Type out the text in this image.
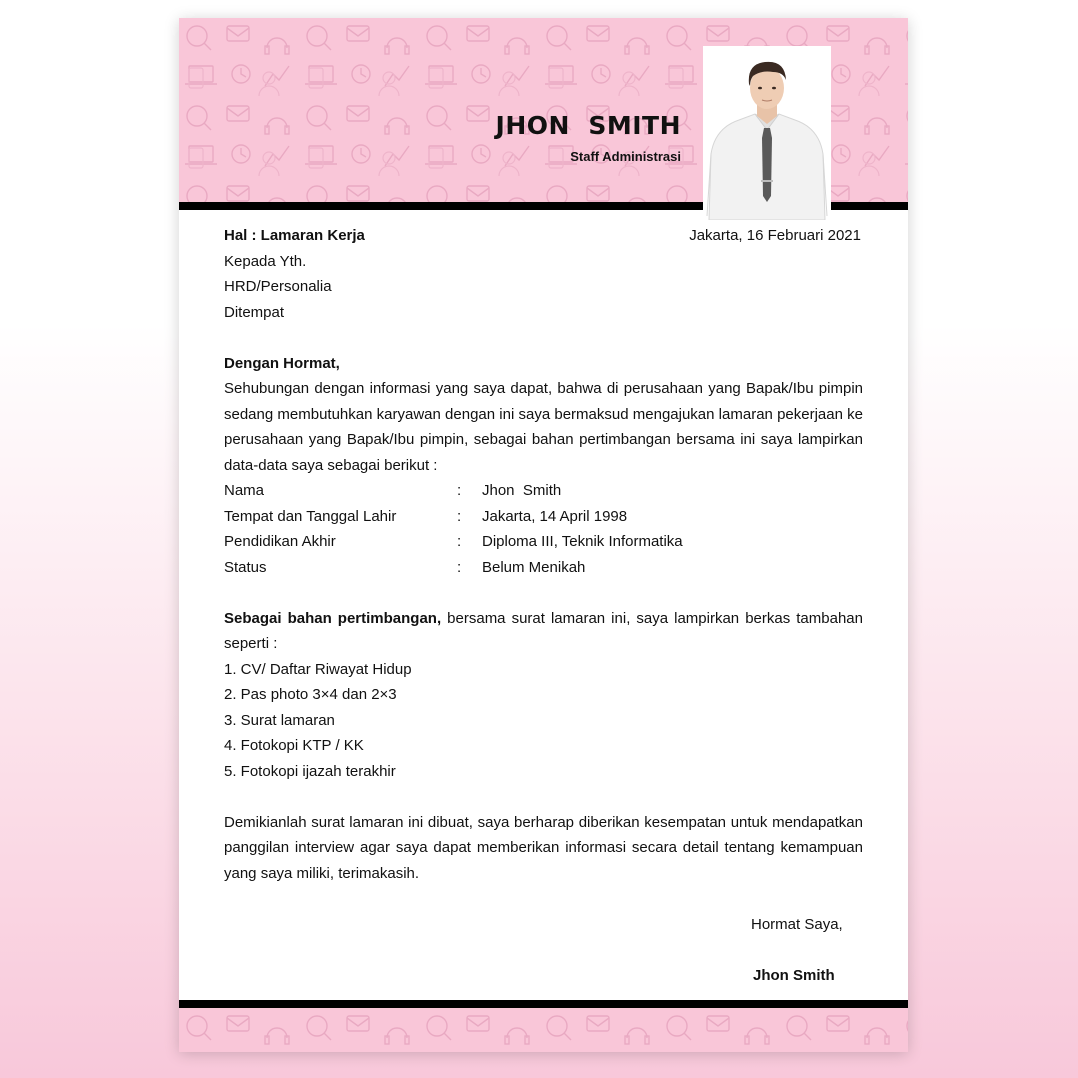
JHON  SMITH
Staff Administrasi
Jakarta, 16 Februari 2021

Hal : Lamaran Kerja

Kepada Yth.

HRD/Personalia

Ditempat

Dengan Hormat,

Sehubungan dengan informasi yang saya dapat, bahwa di perusahaan yang Bapak/Ibu pimpin sedang membutuhkan karyawan dengan ini saya bermaksud mengajukan lamaran pekerjaan ke perusahaan yang Bapak/Ibu pimpin, sebagai bahan pertimbangan bersama ini saya lampirkan data-data saya sebagai berikut :

Nama	:	Jhon  Smith
Tempat dan Tanggal Lahir	:	Jakarta, 14 April 1998
Pendidikan Akhir	:	Diploma III, Teknik Informatika
Status	:	Belum Menikah

Sebagai bahan pertimbangan, bersama surat lamaran ini, saya lampirkan berkas tambahan seperti :

1. CV/ Daftar Riwayat Hidup

2. Pas photo 3×4 dan 2×3

3. Surat lamaran

4. Fotokopi KTP / KK

5. Fotokopi ijazah terakhir

Demikianlah surat lamaran ini dibuat, saya berharap diberikan kesempatan untuk mendapatkan panggilan interview agar saya dapat memberikan informasi secara detail tentang kemampuan yang saya miliki, terimakasih.

Hormat Saya,

Jhon Smith
